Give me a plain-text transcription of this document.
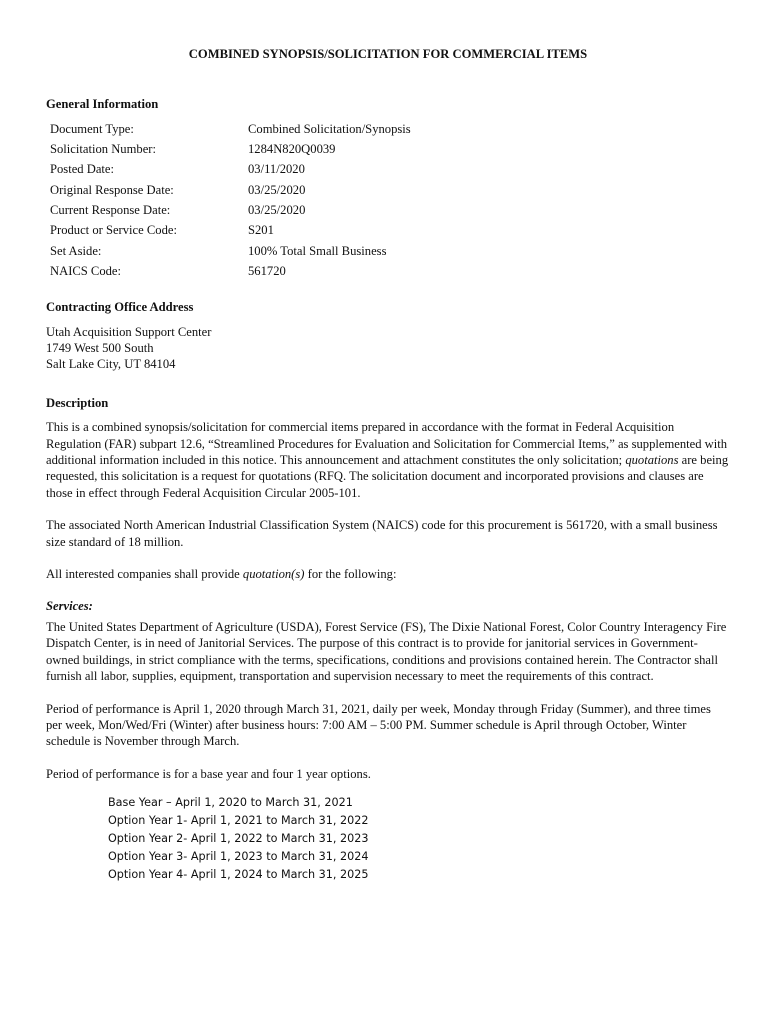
COMBINED SYNOPSIS/SOLICITATION FOR COMMERCIAL ITEMS
General Information
Document Type:	Combined Solicitation/Synopsis
Solicitation Number:	1284N820Q0039
Posted Date:	03/11/2020
Original Response Date:	03/25/2020
Current Response Date:	03/25/2020
Product or Service Code:	S201
Set Aside:	100% Total Small Business
NAICS Code:	561720
Contracting Office Address
Utah Acquisition Support Center
1749 West 500 South
Salt Lake City, UT 84104
Description

This is a combined synopsis/solicitation for commercial items prepared in accordance with the format in Federal Acquisition Regulation (FAR) subpart 12.6, “Streamlined Procedures for Evaluation and Solicitation for Commercial Items,” as supplemented with additional information included in this notice. This announcement and attachment constitutes the only solicitation; quotations are being requested, this solicitation is a request for quotations (RFQ. The solicitation document and incorporated provisions and clauses are those in effect through Federal Acquisition Circular 2005-101.

The associated North American Industrial Classification System (NAICS) code for this procurement is 561720, with a small business size standard of 18 million.

All interested companies shall provide quotation(s) for the following:

Services:

The United States Department of Agriculture (USDA), Forest Service (FS), The Dixie National Forest, Color Country Interagency Fire Dispatch Center, is in need of Janitorial Services. The purpose of this contract is to provide for janitorial services in Government-owned buildings, in strict compliance with the terms, specifications, conditions and provisions contained herein. The Contractor shall furnish all labor, supplies, equipment, transportation and supervision necessary to meet the requirements of this contract.

Period of performance is April 1, 2020 through March 31, 2021, daily per week, Monday through Friday (Summer), and three times per week, Mon/Wed/Fri (Winter) after business hours: 7:00 AM – 5:00 PM. Summer schedule is April through October, Winter schedule is November through March.

Period of performance is for a base year and four 1 year options.

Base Year – April 1, 2020 to March 31, 2021
Option Year 1- April 1, 2021 to March 31, 2022
Option Year 2- April 1, 2022 to March 31, 2023
Option Year 3- April 1, 2023 to March 31, 2024
Option Year 4- April 1, 2024 to March 31, 2025
